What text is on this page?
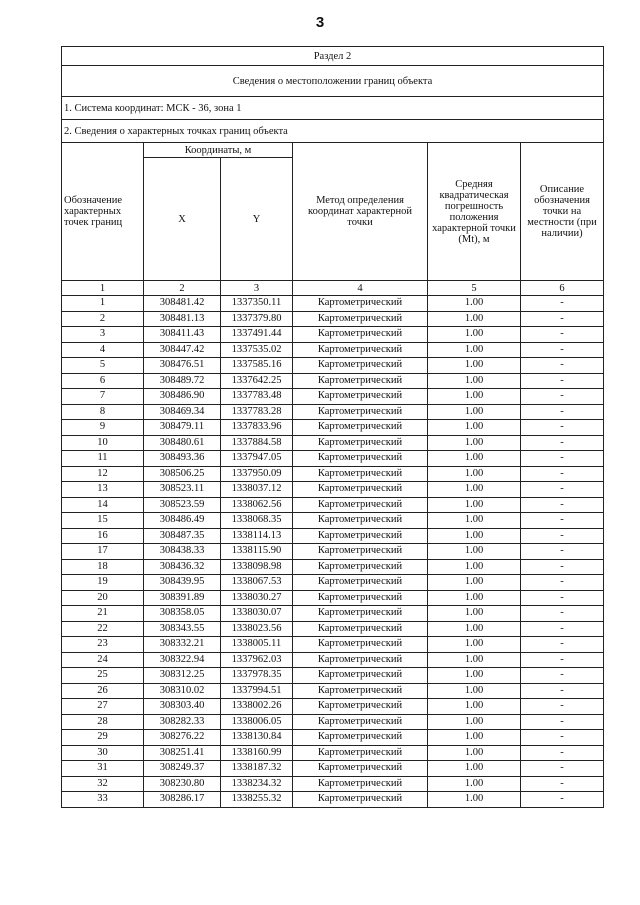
3
Раздел 2					
Сведения о местоположении границ объекта					
1. Система координат: МСК - 36, зона 1					
2. Сведения о характерных точках границ объекта					
Обозначение характерных точек границ	Координаты, м		Метод определения координат характерной точки	Средняя квадратическая погрешность положения характерной точки (Mt), м	Описание обозначения точки на местности (при наличии)
	X	Y			
1	2	3	4	5	6
1	308481.42	1337350.11	Картометрический	1.00	-
2	308481.13	1337379.80	Картометрический	1.00	-
3	308411.43	1337491.44	Картометрический	1.00	-
4	308447.42	1337535.02	Картометрический	1.00	-
5	308476.51	1337585.16	Картометрический	1.00	-
6	308489.72	1337642.25	Картометрический	1.00	-
7	308486.90	1337783.48	Картометрический	1.00	-
8	308469.34	1337783.28	Картометрический	1.00	-
9	308479.11	1337833.96	Картометрический	1.00	-
10	308480.61	1337884.58	Картометрический	1.00	-
11	308493.36	1337947.05	Картометрический	1.00	-
12	308506.25	1337950.09	Картометрический	1.00	-
13	308523.11	1338037.12	Картометрический	1.00	-
14	308523.59	1338062.56	Картометрический	1.00	-
15	308486.49	1338068.35	Картометрический	1.00	-
16	308487.35	1338114.13	Картометрический	1.00	-
17	308438.33	1338115.90	Картометрический	1.00	-
18	308436.32	1338098.98	Картометрический	1.00	-
19	308439.95	1338067.53	Картометрический	1.00	-
20	308391.89	1338030.27	Картометрический	1.00	-
21	308358.05	1338030.07	Картометрический	1.00	-
22	308343.55	1338023.56	Картометрический	1.00	-
23	308332.21	1338005.11	Картометрический	1.00	-
24	308322.94	1337962.03	Картометрический	1.00	-
25	308312.25	1337978.35	Картометрический	1.00	-
26	308310.02	1337994.51	Картометрический	1.00	-
27	308303.40	1338002.26	Картометрический	1.00	-
28	308282.33	1338006.05	Картометрический	1.00	-
29	308276.22	1338130.84	Картометрический	1.00	-
30	308251.41	1338160.99	Картометрический	1.00	-
31	308249.37	1338187.32	Картометрический	1.00	-
32	308230.80	1338234.32	Картометрический	1.00	-
33	308286.17	1338255.32	Картометрический	1.00	-
